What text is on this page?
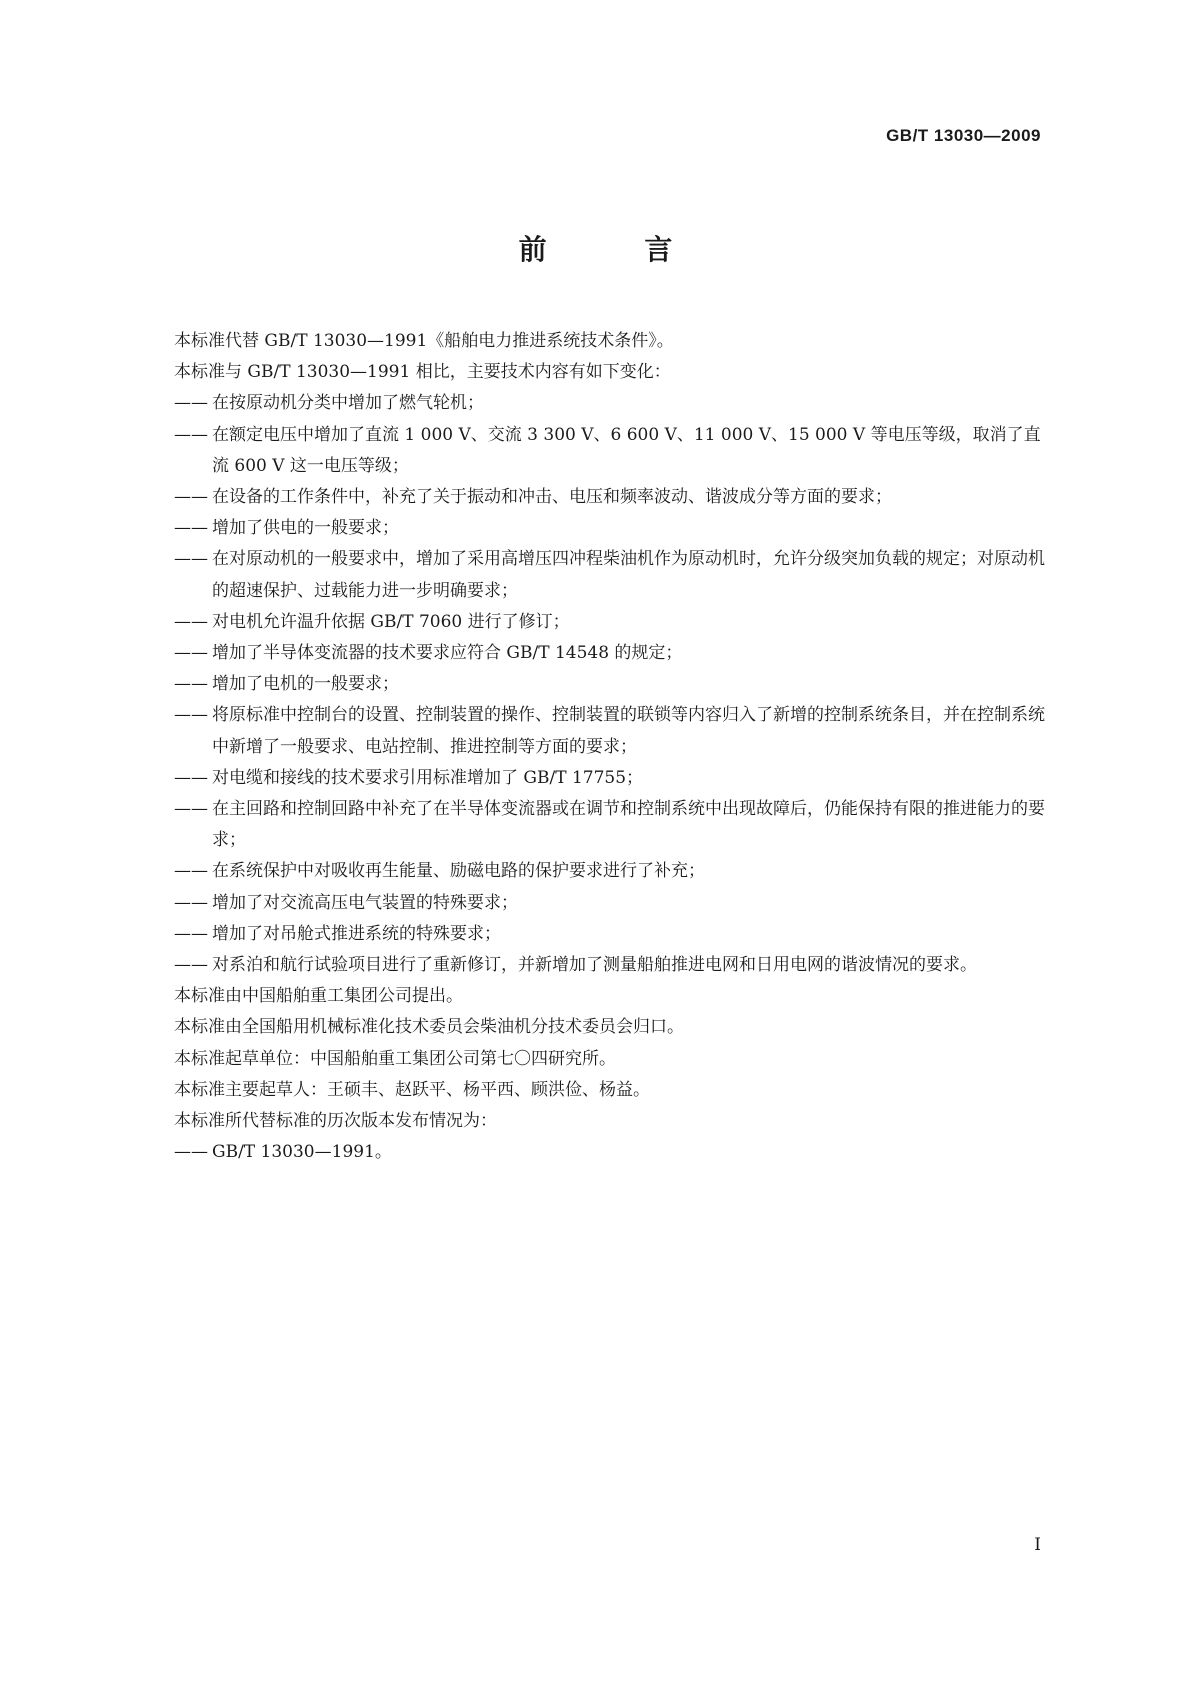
GB/T 13030—2009
前 言

本标准代替 GB/T 13030—1991《船舶电力推进系统技术条件》。

本标准与 GB/T 13030—1991 相比，主要技术内容有如下变化：

—— 在按原动机分类中增加了燃气轮机；
—— 在额定电压中增加了直流 1 000 V、交流 3 300 V、6 600 V、11 000 V、15 000 V 等电压等级，取消了直流 600 V 这一电压等级；
—— 在设备的工作条件中，补充了关于振动和冲击、电压和频率波动、谐波成分等方面的要求；
—— 增加了供电的一般要求；
—— 在对原动机的一般要求中，增加了采用高增压四冲程柴油机作为原动机时，允许分级突加负载的规定；对原动机的超速保护、过载能力进一步明确要求；
—— 对电机允许温升依据 GB/T 7060 进行了修订；
—— 增加了半导体变流器的技术要求应符合 GB/T 14548 的规定；
—— 增加了电机的一般要求；
—— 将原标准中控制台的设置、控制装置的操作、控制装置的联锁等内容归入了新增的控制系统条目，并在控制系统中新增了一般要求、电站控制、推进控制等方面的要求；
—— 对电缆和接线的技术要求引用标准增加了 GB/T 17755；
—— 在主回路和控制回路中补充了在半导体变流器或在调节和控制系统中出现故障后，仍能保持有限的推进能力的要求；
—— 在系统保护中对吸收再生能量、励磁电路的保护要求进行了补充；
—— 增加了对交流高压电气装置的特殊要求；
—— 增加了对吊舱式推进系统的特殊要求；
—— 对系泊和航行试验项目进行了重新修订，并新增加了测量船舶推进电网和日用电网的谐波情况的要求。

本标准由中国船舶重工集团公司提出。

本标准由全国船用机械标准化技术委员会柴油机分技术委员会归口。

本标准起草单位：中国船舶重工集团公司第七〇四研究所。

本标准主要起草人：王硕丰、赵跃平、杨平西、顾洪俭、杨益。

本标准所代替标准的历次版本发布情况为：

—— GB/T 13030—1991。
I
